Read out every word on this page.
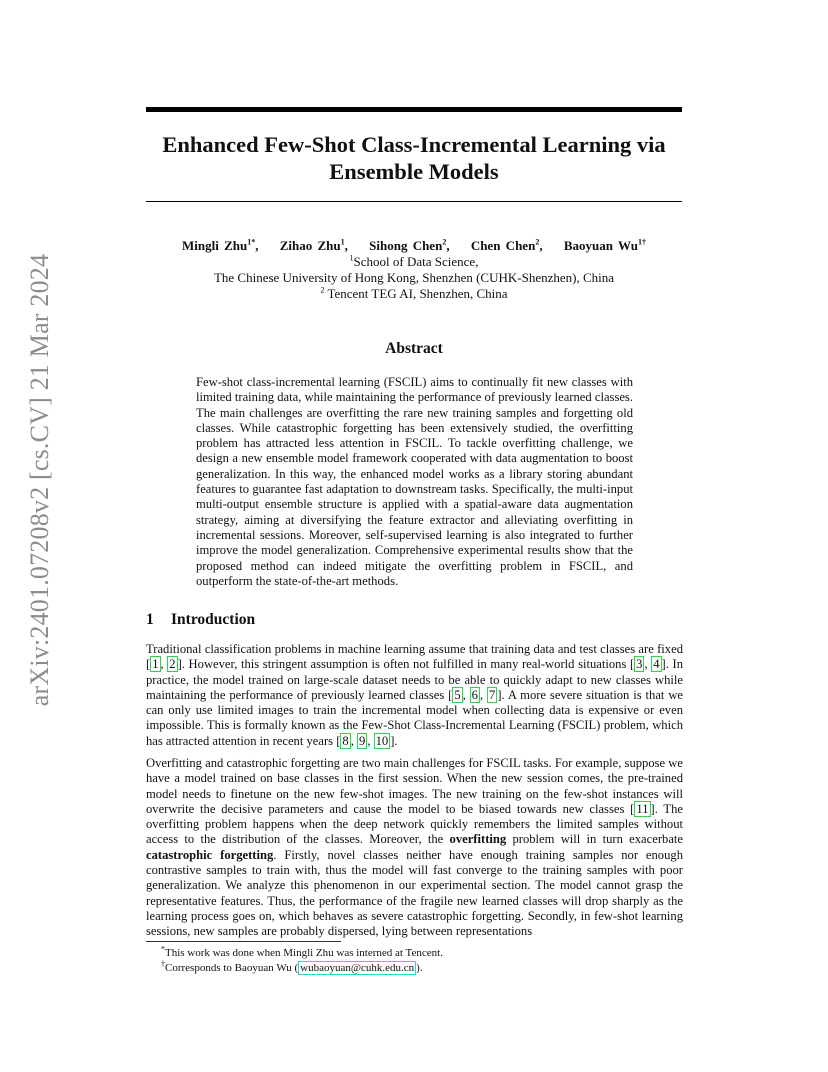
arXiv:2401.07208v2 [cs.CV] 21 Mar 2024
Enhanced Few-Shot Class-Incremental Learning via
Ensemble Models
Mingli Zhu$^{1*}$, Zihao Zhu$^1$, Sihong Chen$^2$, Chen Chen$^2$, Baoyuan $Wu^{1\dagger}$
$^1$School of Data Science,
The Chinese University of Hong Kong, Shenzhen (CUHK-Shenzhen), China
$^2$ Tencent TEG AI, Shenzhen, China
Abstract
Few-shot class-incremental learning (FSCIL) aims to continually fit new classes with limited training data, while maintaining the performance of previously learned classes. The main challenges are overfitting the rare new training samples and forgetting old classes. While catastrophic forgetting has been extensively studied, the overfitting problem has attracted less attention in FSCIL. To tackle overfitting challenge, we design a new ensemble model framework cooperated with data augmentation to boost generalization. In this way, the enhanced model works as a library storing abundant features to guarantee fast adaptation to downstream tasks. Specifically, the multi-input multi-output ensemble structure is applied with a spatial-aware data augmentation strategy, aiming at diversifying the feature extractor and alleviating overfitting in incremental sessions. Moreover, self-supervised learning is also integrated to further improve the model generalization. Comprehensive experimental results show that the proposed method can indeed mitigate the overfitting problem in FSCIL, and outperform the state-of-the-art methods.
1 Introduction
Traditional classification problems in machine learning assume that training data and test classes are fixed [ 1 , 2 ]. However, this stringent assumption is often not fulfilled in many real-world situations [ 3 , 4 ]. In practice, the model trained on large-scale dataset needs to be able to quickly adapt to new classes while maintaining the performance of previously learned classes [ 5 , 6 , 7 ]. A more severe situation is that we can only use limited images to train the incremental model when collecting data is expensive or even impossible. This is formally known as the Few-Shot Class-Incremental Learning (FSCIL) problem, which has attracted attention in recent years [ 8 , 9 , 10 ].
Overfitting and catastrophic forgetting are two main challenges for FSCIL tasks. For example, suppose we have a model trained on base classes in the first session. When the new session comes, the pre-trained model needs to finetune on the new few-shot images. The new training on the few-shot instances will overwrite the decisive parameters and cause the model to be biased towards new classes [ 11 ]. The overfitting problem happens when the deep network quickly remembers the limited samples without access to the distribution of the classes. Moreover, the overfitting problem will in turn exacerbate catastrophic forgetting. Firstly, novel classes neither have enough training samples nor enough contrastive samples to train with, thus the model will fast converge to the training samples with poor generalization. We analyze this phenomenon in our experimental section. The model cannot grasp the representative features. Thus, the performance of the fragile new learned classes will drop sharply as the learning process goes on, which behaves as severe catastrophic forgetting. Secondly, in few-shot learning sessions, new samples are probably dispersed, lying between representations
*This work was done when Mingli Zhu was interned at Tencent.
†Corresponds to Baoyuan Wu ( wubaoyuan@cuhk.edu.cn ).
